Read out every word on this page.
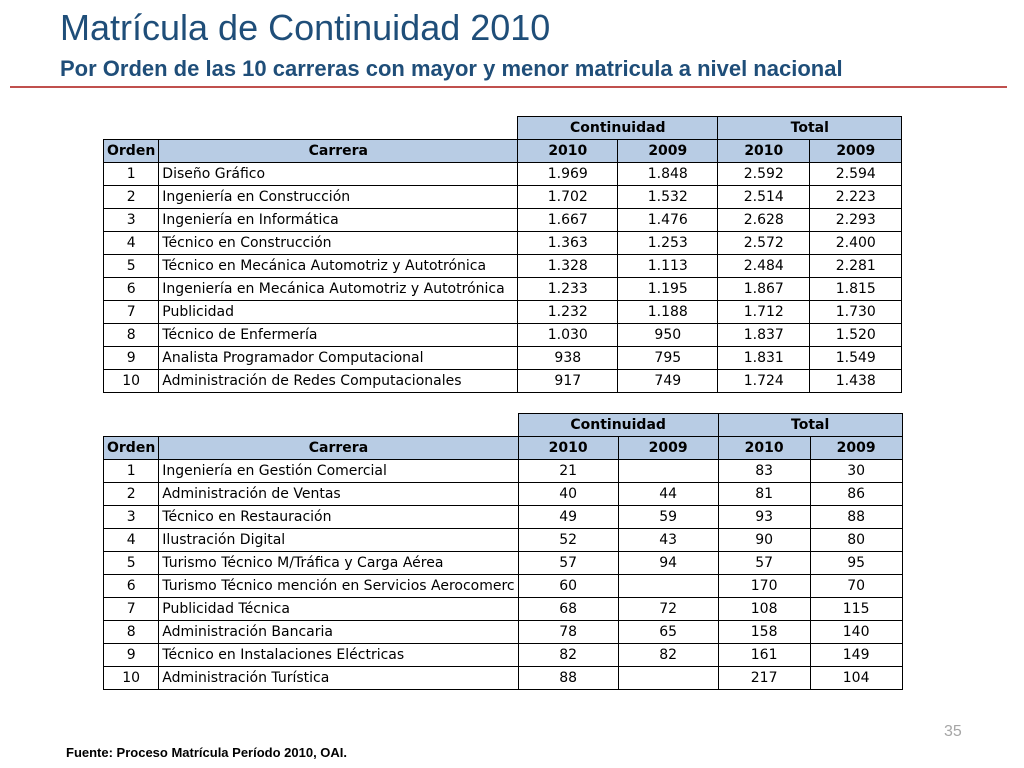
Matrícula de Continuidad 2010
Por Orden de las 10 carreras con mayor y menor matricula a nivel nacional
		Continuidad		Total	
Orden	Carrera	2010	2009	2010	2009
1	Diseño Gráfico	1.969	1.848	2.592	2.594
2	Ingeniería en Construcción	1.702	1.532	2.514	2.223
3	Ingeniería en Informática	1.667	1.476	2.628	2.293
4	Técnico en Construcción	1.363	1.253	2.572	2.400
5	Técnico en Mecánica Automotriz y Autotrónica	1.328	1.113	2.484	2.281
6	Ingeniería en Mecánica Automotriz y Autotrónica	1.233	1.195	1.867	1.815
7	Publicidad	1.232	1.188	1.712	1.730
8	Técnico de Enfermería	1.030	950	1.837	1.520
9	Analista Programador Computacional	938	795	1.831	1.549
10	Administración de Redes Computacionales	917	749	1.724	1.438
		Continuidad		Total	
Orden	Carrera	2010	2009	2010	2009
1	Ingeniería en Gestión Comercial	21		83	30
2	Administración de Ventas	40	44	81	86
3	Técnico en Restauración	49	59	93	88
4	Ilustración Digital	52	43	90	80
5	Turismo Técnico M/Tráfica y Carga Aérea	57	94	57	95
6	Turismo Técnico mención en Servicios Aerocomerc	60		170	70
7	Publicidad Técnica	68	72	108	115
8	Administración Bancaria	78	65	158	140
9	Técnico en Instalaciones Eléctricas	82	82	161	149
10	Administración Turística	88		217	104
35
Fuente: Proceso Matrícula Período 2010, OAI.
